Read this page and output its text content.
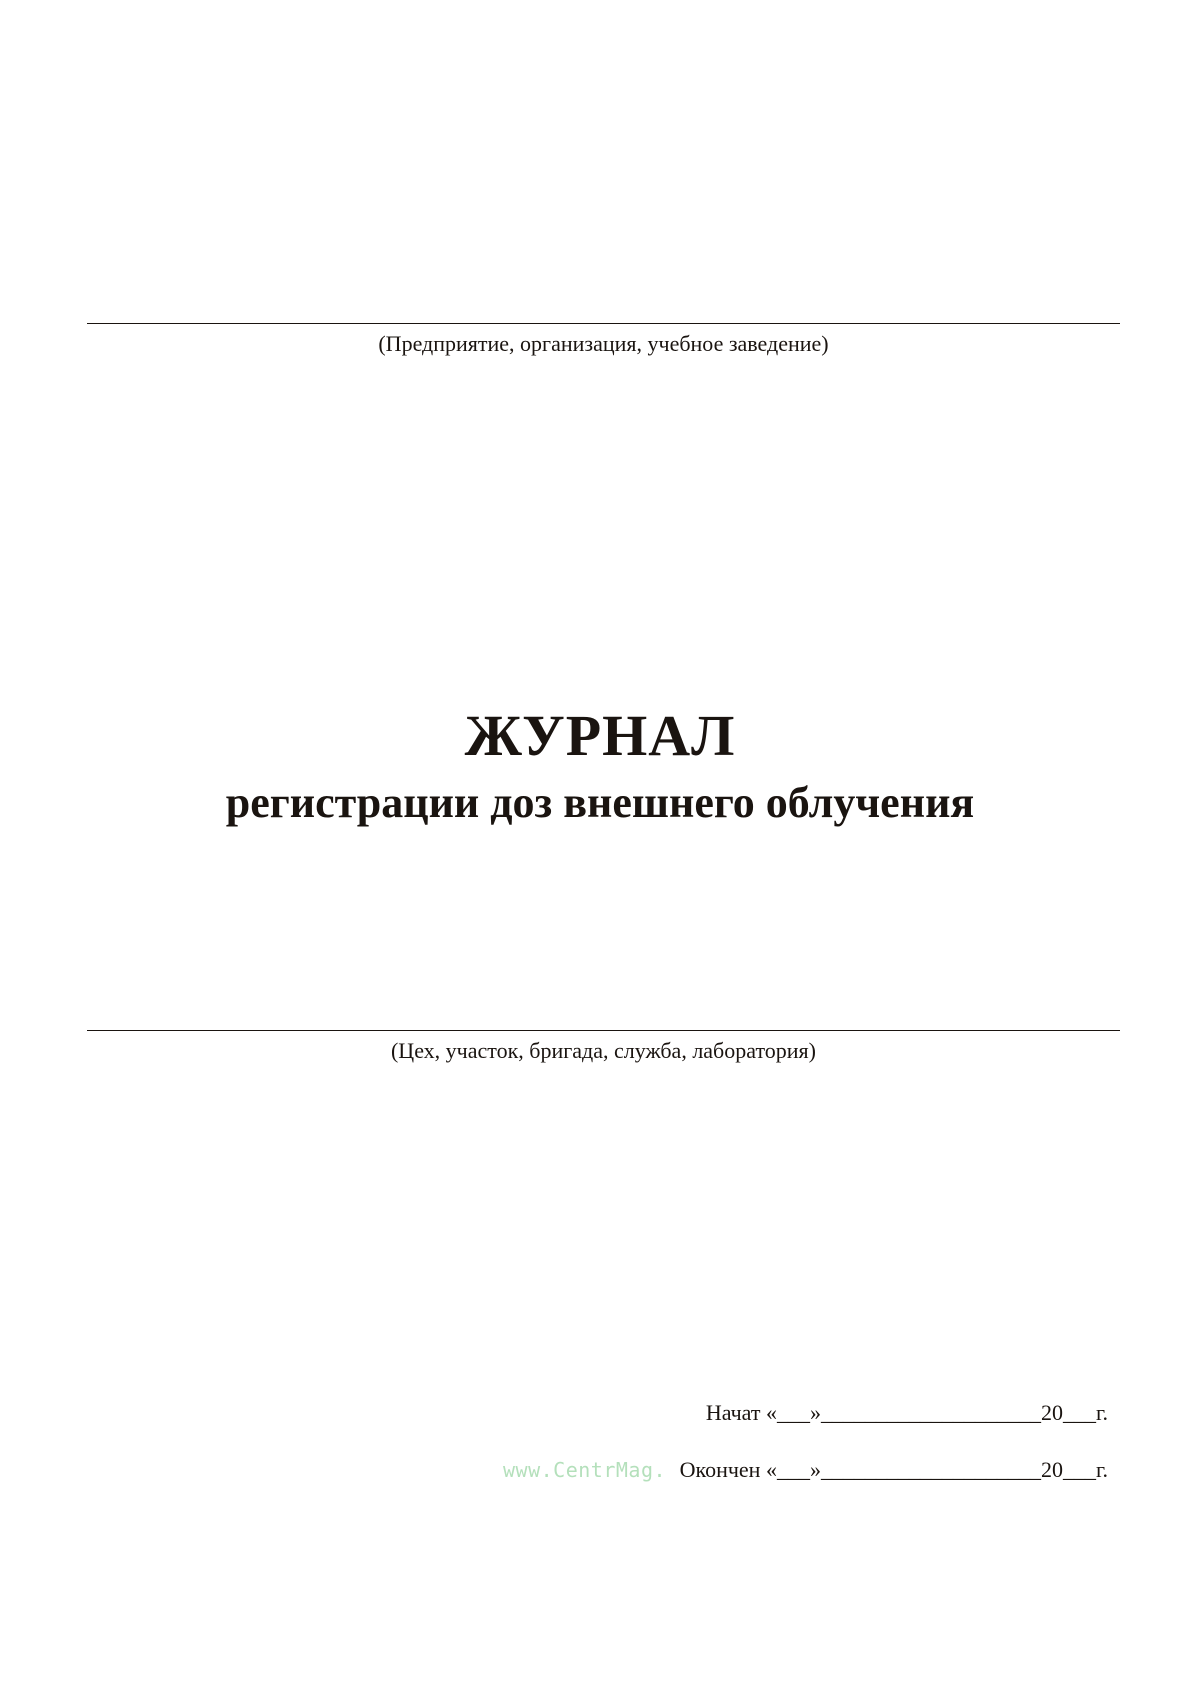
(Предприятие, организация, учебное заведение)
ЖУРНАЛ
регистрации доз внешнего облучения
(Цех, участок, бригада, служба, лаборатория)
Начат «___»____________________20___г.
Окончен «___»____________________20___г.
www.CentrMag.
